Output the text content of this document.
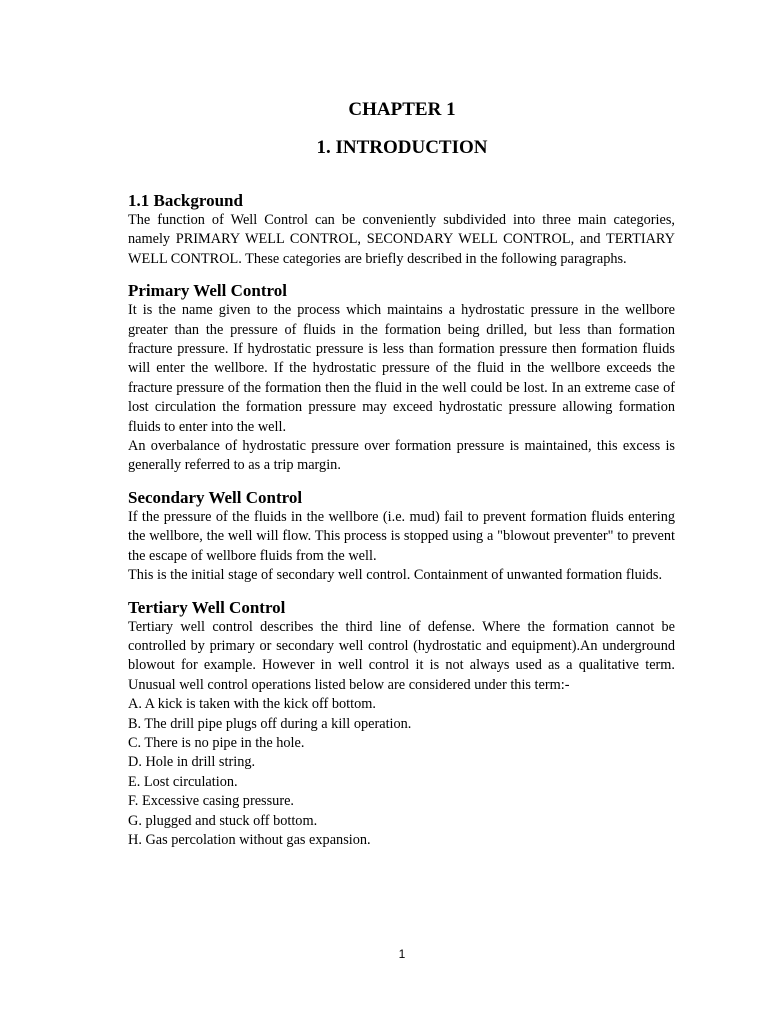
CHAPTER 1
1. INTRODUCTION
1.1 Background

The function of Well Control can be conveniently subdivided into three main categories, namely PRIMARY WELL CONTROL, SECONDARY WELL CONTROL, and TERTIARY WELL CONTROL. These categories are briefly described in the following paragraphs.

Primary Well Control

It is the name given to the process which maintains a hydrostatic pressure in the wellbore greater than the pressure of fluids in the formation being drilled, but less than formation fracture pressure. If hydrostatic pressure is less than formation pressure then formation fluids will enter the wellbore. If the hydrostatic pressure of the fluid in the wellbore exceeds the fracture pressure of the formation then the fluid in the well could be lost. In an extreme case of lost circulation the formation pressure may exceed hydrostatic pressure allowing formation fluids to enter into the well.

An overbalance of hydrostatic pressure over formation pressure is maintained, this excess is generally referred to as a trip margin.

Secondary Well Control

If the pressure of the fluids in the wellbore (i.e. mud) fail to prevent formation fluids entering the wellbore, the well will flow. This process is stopped using a "blowout preventer" to prevent the escape of wellbore fluids from the well.

This is the initial stage of secondary well control. Containment of unwanted formation fluids.

Tertiary Well Control

Tertiary well control describes the third line of defense. Where the formation cannot be controlled by primary or secondary well control (hydrostatic and equipment).An underground blowout for example. However in well control it is not always used as a qualitative term. Unusual well control operations listed below are considered under this term:-

A. A kick is taken with the kick off bottom.
B. The drill pipe plugs off during a kill operation.
C. There is no pipe in the hole.
D. Hole in drill string.
E. Lost circulation.
F. Excessive casing pressure.
G. plugged and stuck off bottom.
H. Gas percolation without gas expansion.
1
